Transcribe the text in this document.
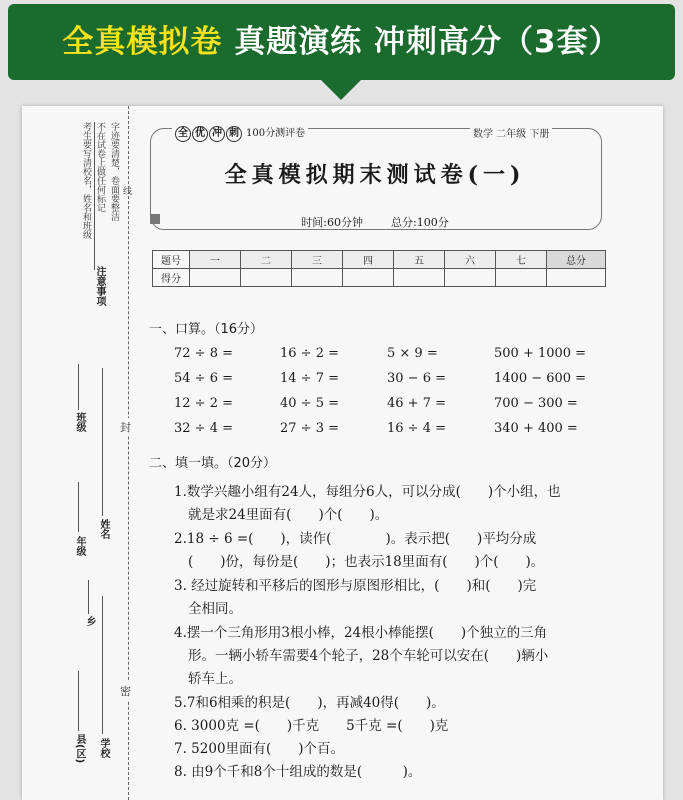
全真模拟卷 真题演练 冲刺高分（3套）
考生要写清校名，姓名和班级 不在试卷上做任何标记 字迹要清楚，卷面要整洁 线
注意事项
班级
年级
姓名
乡
县(区) 学校
封
密
全 优 冲 刺 100分测评卷	数学 二年级 下册
全真模拟期末测试卷(一)
时间:60分钟	总分:100分
题号	一	二	三	四	五	六	七	总分
得分								
一、口算。（16分）
72 ÷ 8 =	16 ÷ 2 =	5 × 9 =	500 + 1000 =
54 ÷ 6 =	14 ÷ 7 =	30 − 6 =	1400 − 600 =
12 ÷ 2 =	40 ÷ 5 =	46 + 7 =	700 − 300 =
32 ÷ 4 =	27 ÷ 3 =	16 ÷ 4 =	340 + 400 =
二、填一填。（20分）
1.数学兴趣小组有24人，每组分6人，可以分成(　　)个小组，也
就是求24里面有(　　)个(　　)。
2.18 ÷ 6 =(　　)，读作(　　　　)。表示把(　　)平均分成
(　　)份，每份是(　　)；也表示18里面有(　　)个(　　)。
3. 经过旋转和平移后的图形与原图形相比，(　　)和(　　)完
全相同。
4.摆一个三角形用3根小棒，24根小棒能摆(　　)个独立的三角
形。一辆小轿车需要4个轮子，28个车轮可以安在(　　)辆小
轿车上。
5.7和6相乘的积是(　　)，再减40得(　　)。
6. 3000克 =(　　)千克　　5千克 =(　　)克
7. 5200里面有(　　)个百。
8. 由9个千和8个十组成的数是(　　　)。
